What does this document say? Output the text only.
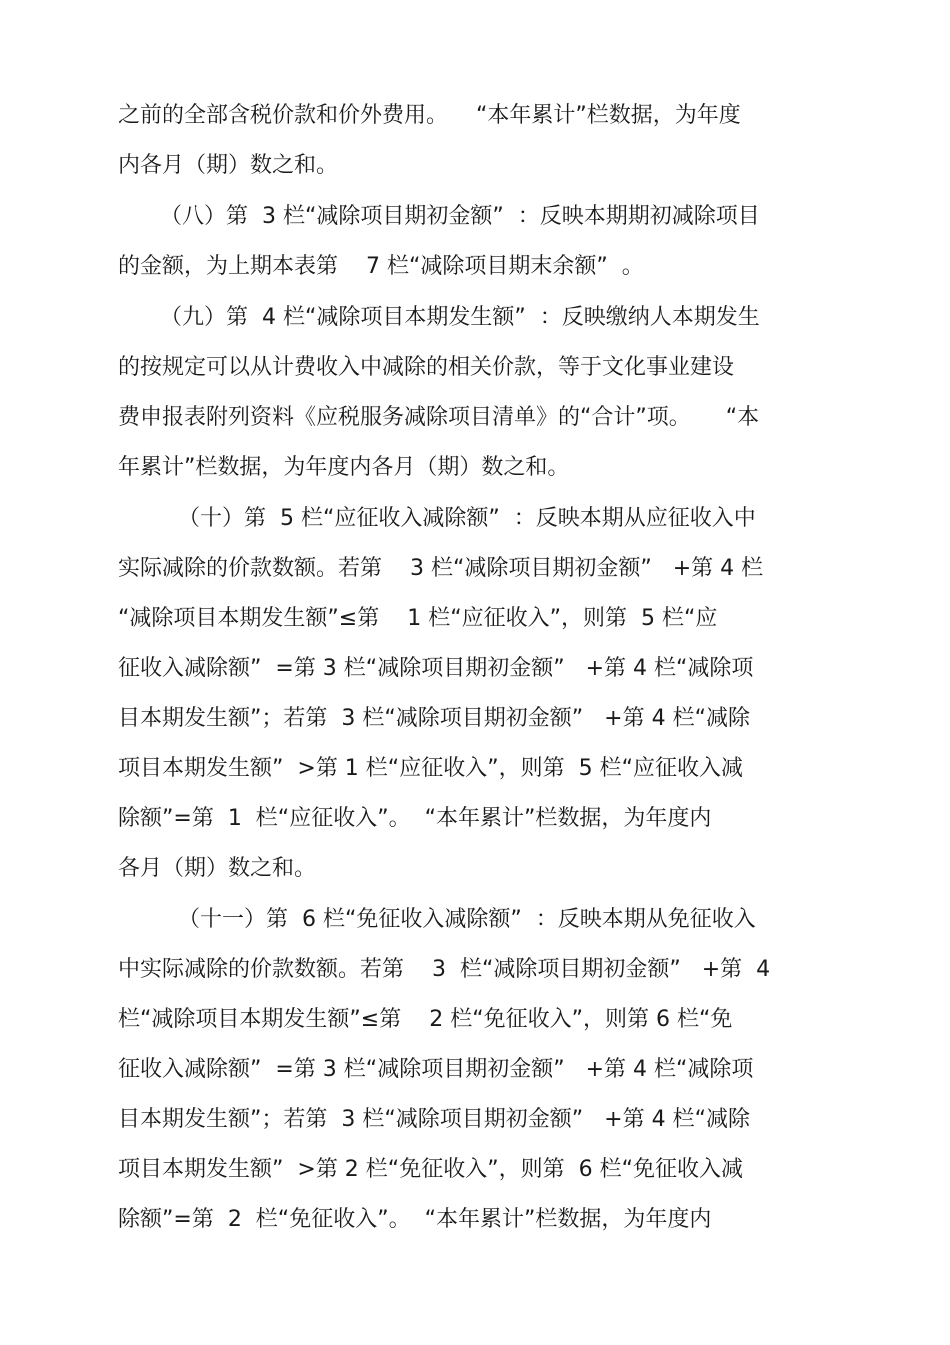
之前的全部含税价款和价外费用。    “本年累计”栏数据，为年度
内各月（期）数之和。
（八）第  3 栏“减除项目期初金额”  ：反映本期期初减除项目
的金额，为上期本表第    7 栏“减除项目期末余额”  。
（九）第  4 栏“减除项目本期发生额”  ：反映缴纳人本期发生
的按规定可以从计费收入中减除的相关价款，等于文化事业建设
费申报表附列资料《应税服务减除项目清单》的“合计”项。     “本
年累计”栏数据，为年度内各月（期）数之和。
（十）第  5 栏“应征收入减除额”  ：反映本期从应征收入中
实际减除的价款数额。若第    3 栏“减除项目期初金额”   +第 4 栏
“减除项目本期发生额”≤第    1 栏“应征收入”，则第  5 栏“应
征收入减除额”  =第 3 栏“减除项目期初金额”   +第 4 栏“减除项
目本期发生额”；若第  3 栏“减除项目期初金额”   +第 4 栏“减除
项目本期发生额”  >第 1 栏“应征收入”，则第  5 栏“应征收入减
除额”=第  1  栏“应征收入”。  “本年累计”栏数据，为年度内
各月（期）数之和。
（十一）第  6 栏“免征收入减除额”  ：反映本期从免征收入
中实际减除的价款数额。若第    3  栏“减除项目期初金额”   +第  4
栏“减除项目本期发生额”≤第    2 栏“免征收入”，则第 6 栏“免
征收入减除额”  =第 3 栏“减除项目期初金额”   +第 4 栏“减除项
目本期发生额”；若第  3 栏“减除项目期初金额”   +第 4 栏“减除
项目本期发生额”  >第 2 栏“免征收入”，则第  6 栏“免征收入减
除额”=第  2  栏“免征收入”。  “本年累计”栏数据，为年度内
